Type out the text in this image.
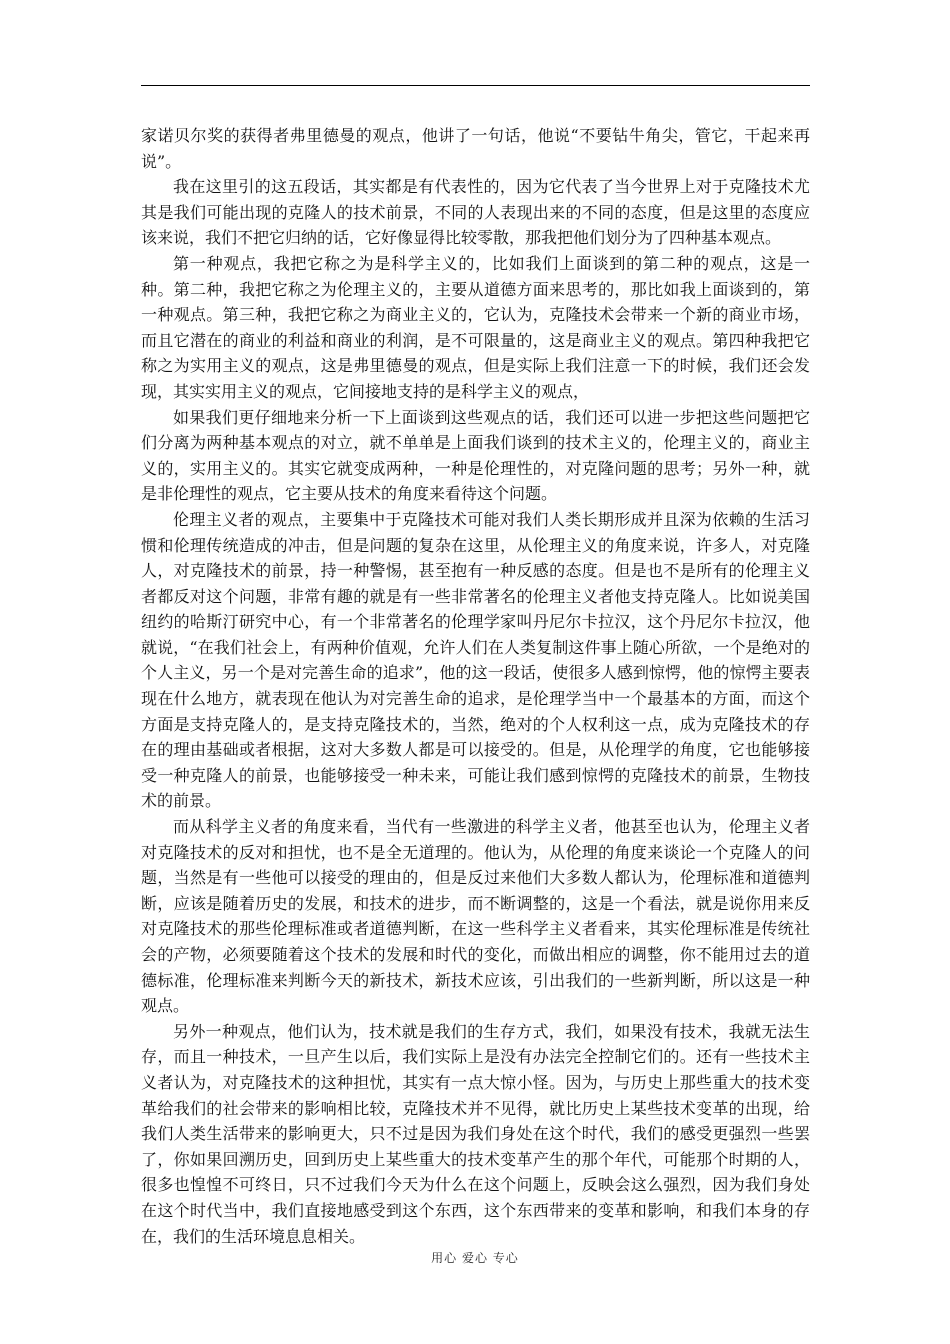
家诺贝尔奖的获得者弗里德曼的观点，他讲了一句话，他说“不要钻牛角尖，管它，干起来再说”。

我在这里引的这五段话，其实都是有代表性的，因为它代表了当今世界上对于克隆技术尤其是我们可能出现的克隆人的技术前景，不同的人表现出来的不同的态度，但是这里的态度应该来说，我们不把它归纳的话，它好像显得比较零散，那我把他们划分为了四种基本观点。

第一种观点，我把它称之为是科学主义的，比如我们上面谈到的第二种的观点，这是一种。第二种，我把它称之为伦理主义的，主要从道德方面来思考的，那比如我上面谈到的，第一种观点。第三种，我把它称之为商业主义的，它认为，克隆技术会带来一个新的商业市场，而且它潜在的商业的利益和商业的利润，是不可限量的，这是商业主义的观点。第四种我把它称之为实用主义的观点，这是弗里德曼的观点，但是实际上我们注意一下的时候，我们还会发现，其实实用主义的观点，它间接地支持的是科学主义的观点，

如果我们更仔细地来分析一下上面谈到这些观点的话，我们还可以进一步把这些问题把它们分离为两种基本观点的对立，就不单单是上面我们谈到的技术主义的，伦理主义的，商业主义的，实用主义的。其实它就变成两种，一种是伦理性的，对克隆问题的思考；另外一种，就是非伦理性的观点，它主要从技术的角度来看待这个问题。

伦理主义者的观点，主要集中于克隆技术可能对我们人类长期形成并且深为依赖的生活习惯和伦理传统造成的冲击，但是问题的复杂在这里，从伦理主义的角度来说，许多人，对克隆人，对克隆技术的前景，持一种警惕，甚至抱有一种反感的态度。但是也不是所有的伦理主义者都反对这个问题，非常有趣的就是有一些非常著名的伦理主义者他支持克隆人。比如说美国纽约的哈斯汀研究中心，有一个非常著名的伦理学家叫丹尼尔卡拉汉，这个丹尼尔卡拉汉，他就说，“在我们社会上，有两种价值观，允许人们在人类复制这件事上随心所欲，一个是绝对的个人主义，另一个是对完善生命的追求”，他的这一段话，使很多人感到惊愕，他的惊愕主要表现在什么地方，就表现在他认为对完善生命的追求，是伦理学当中一个最基本的方面，而这个方面是支持克隆人的，是支持克隆技术的，当然，绝对的个人权利这一点，成为克隆技术的存在的理由基础或者根据，这对大多数人都是可以接受的。但是，从伦理学的角度，它也能够接受一种克隆人的前景，也能够接受一种未来，可能让我们感到惊愕的克隆技术的前景，生物技术的前景。

而从科学主义者的角度来看，当代有一些激进的科学主义者，他甚至也认为，伦理主义者对克隆技术的反对和担忧，也不是全无道理的。他认为，从伦理的角度来谈论一个克隆人的问题，当然是有一些他可以接受的理由的，但是反过来他们大多数人都认为，伦理标准和道德判断，应该是随着历史的发展，和技术的进步，而不断调整的，这是一个看法，就是说你用来反对克隆技术的那些伦理标准或者道德判断，在这一些科学主义者看来，其实伦理标准是传统社会的产物，必须要随着这个技术的发展和时代的变化，而做出相应的调整，你不能用过去的道德标准，伦理标准来判断今天的新技术，新技术应该，引出我们的一些新判断，所以这是一种观点。

另外一种观点，他们认为，技术就是我们的生存方式，我们，如果没有技术，我就无法生存，而且一种技术，一旦产生以后，我们实际上是没有办法完全控制它们的。还有一些技术主义者认为，对克隆技术的这种担忧，其实有一点大惊小怪。因为，与历史上那些重大的技术变革给我们的社会带来的影响相比较，克隆技术并不见得，就比历史上某些技术变革的出现，给我们人类生活带来的影响更大，只不过是因为我们身处在这个时代，我们的感受更强烈一些罢了，你如果回溯历史，回到历史上某些重大的技术变革产生的那个年代，可能那个时期的人，很多也惶惶不可终日，只不过我们今天为什么在这个问题上，反映会这么强烈，因为我们身处在这个时代当中，我们直接地感受到这个东西，这个东西带来的变革和影响，和我们本身的存在，我们的生活环境息息相关。

用心 爱心 专心
